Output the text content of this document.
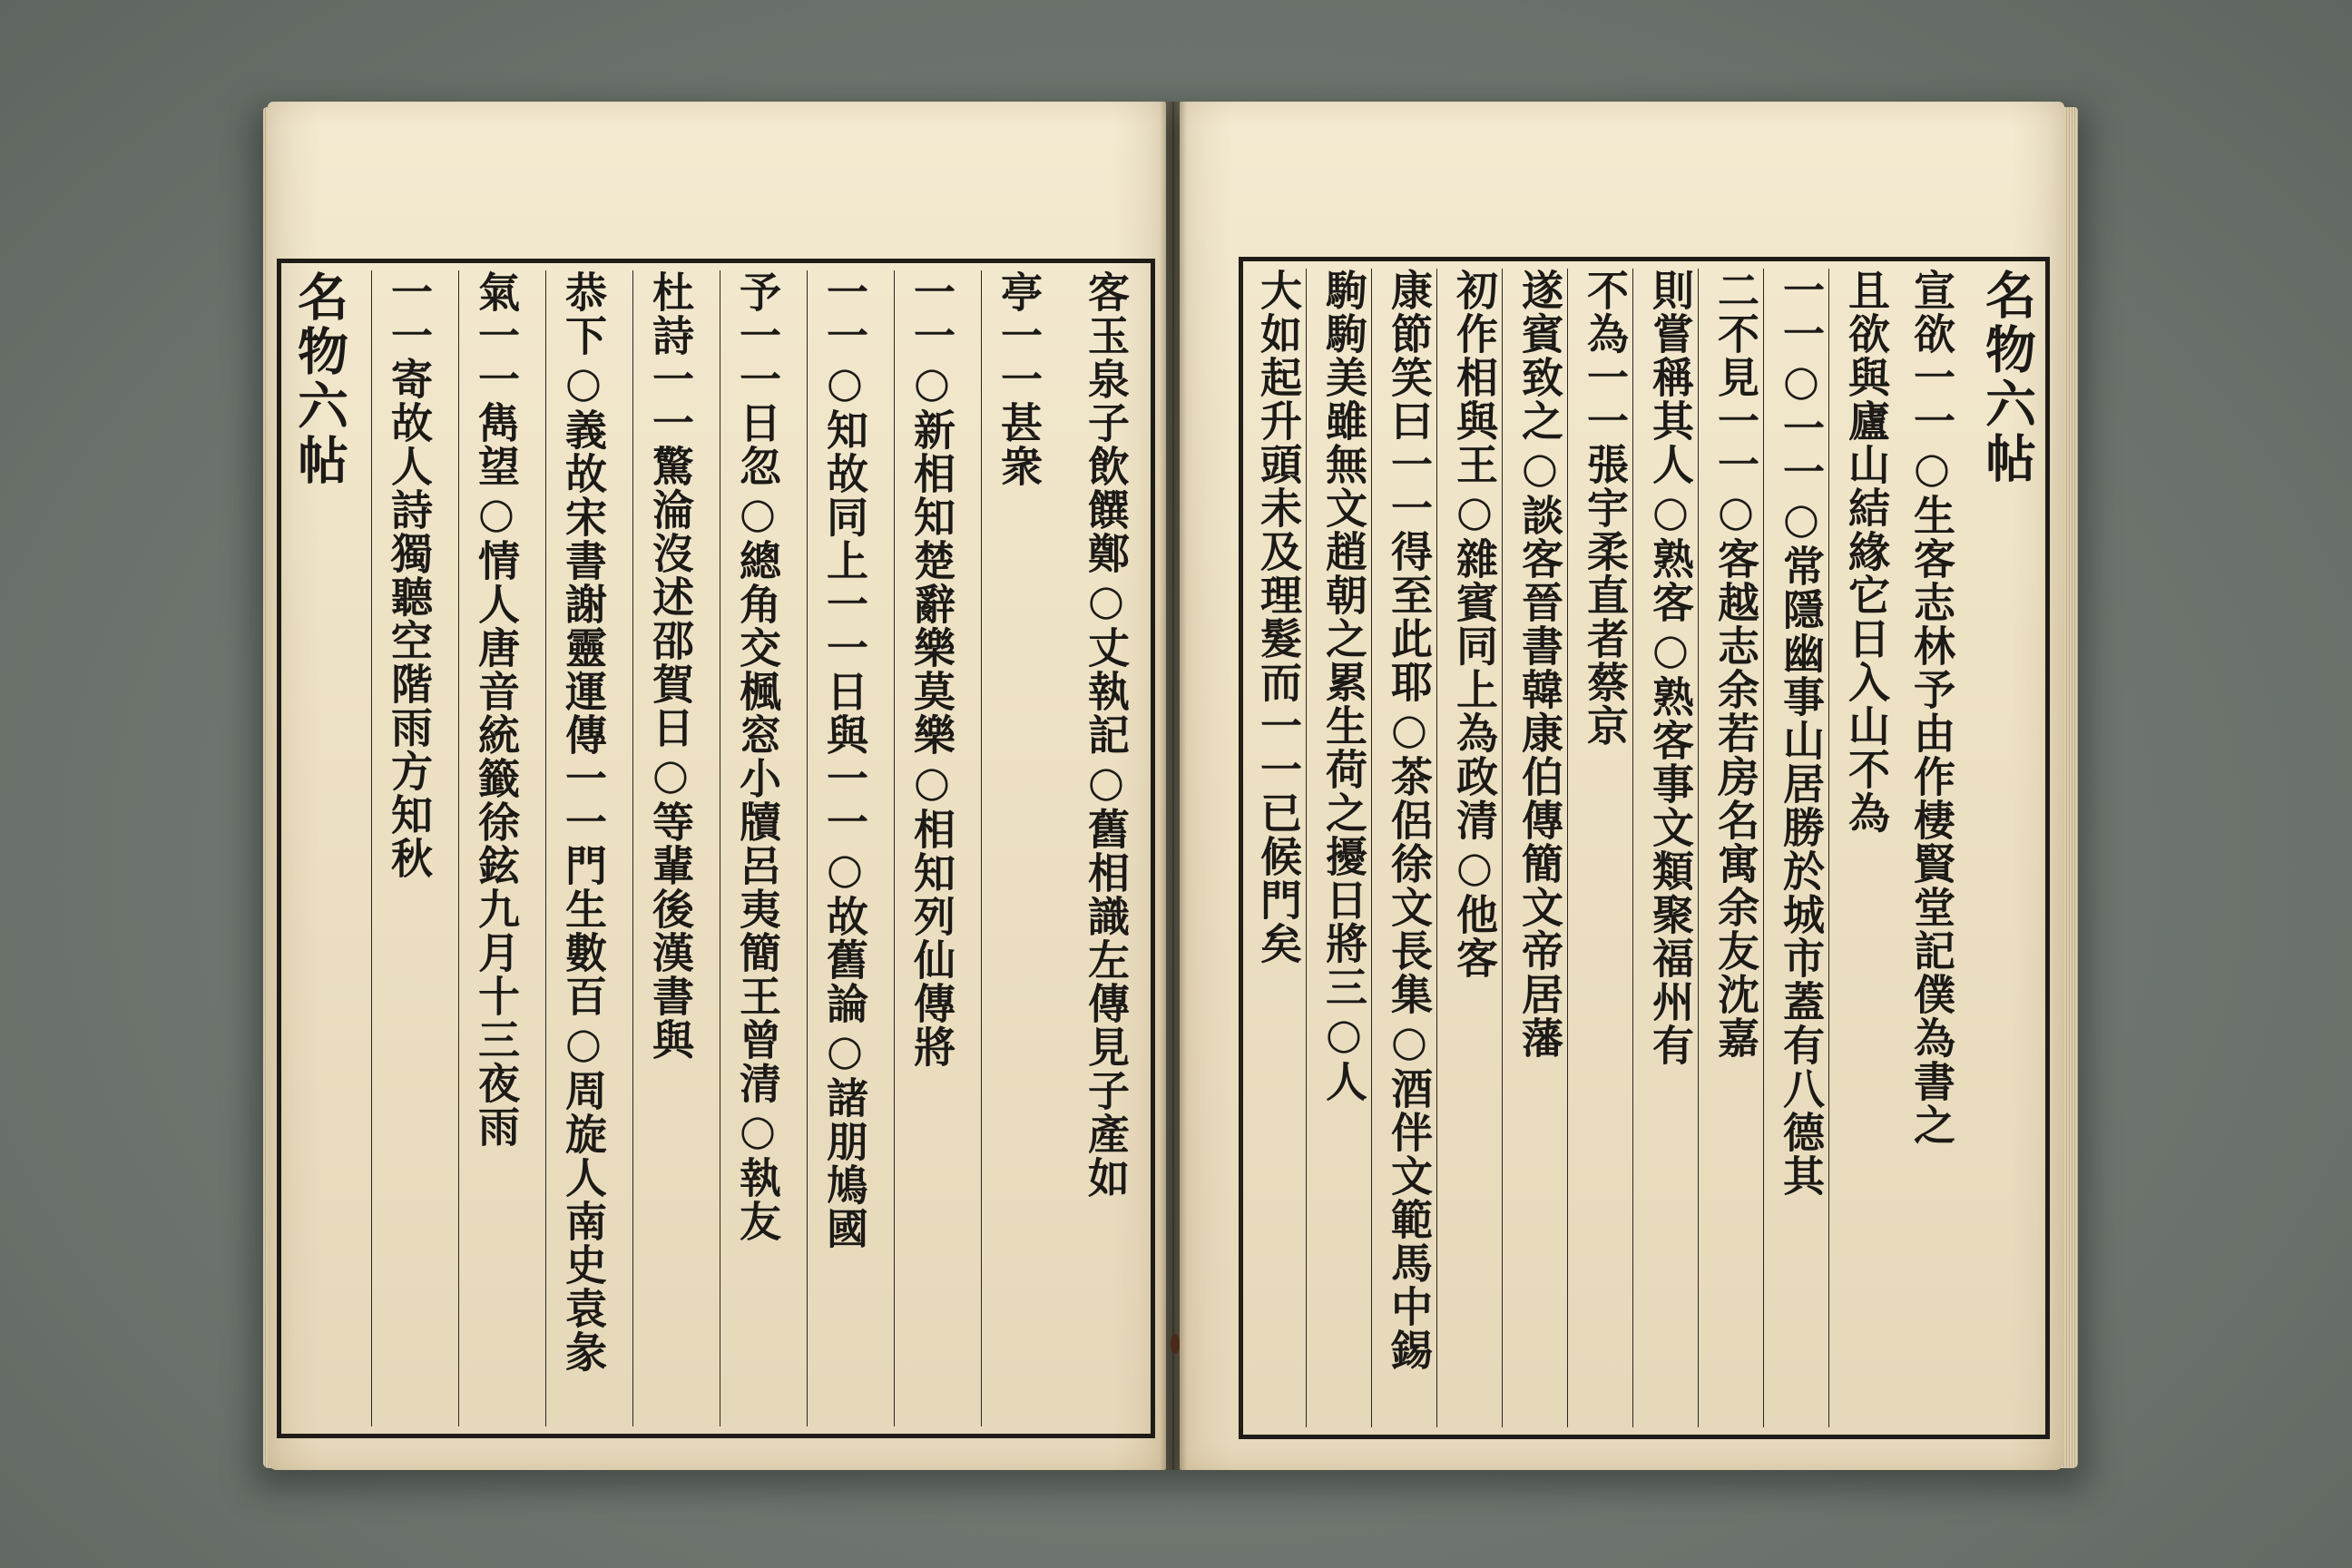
名物六帖	客玉泉子飲饌鄭○丈執記○舊相識左傳見子產如
亭一一甚衆
一一○新相知楚辭樂莫樂○相知列仙傳將
一一○知故同上一一日與一一○故舊論○諸朋鳩國
予一一日忽○總角交楓窓小牘呂夷簡王曾清○執友
杜詩一一驚淪沒述邵賀日○等輩後漢書與
恭下○義故宋書謝靈運傳一一門生數百○周旋人南史袁彖
氣一一雋望○情人唐音統籤徐鉉九月十三夜雨
一一寄故人詩獨聽空階雨方知秋	名物六帖
宣欲一一○生客志林予由作棲賢堂記僕為書之
且欲與廬山結緣它日入山不為
一一○一一○常隱幽事山居勝於城市蓋有八德其
二不見一一○客越志余若房名寓余友沈嘉
則嘗稱其人○熟客○熟客事文類聚福州有
不為一一張宇柔直者蔡京
遂賓致之○談客晉書韓康伯傳簡文帝居藩
初作相與王○雜賓同上為政清○他客
康節笑曰一一得至此耶○茶侶徐文長集○酒伴文範馬中錫
駒駒美雖無文趙朝之累生荷之擾日將三○人
大如起升頭未及理髮而一一已候門矣
